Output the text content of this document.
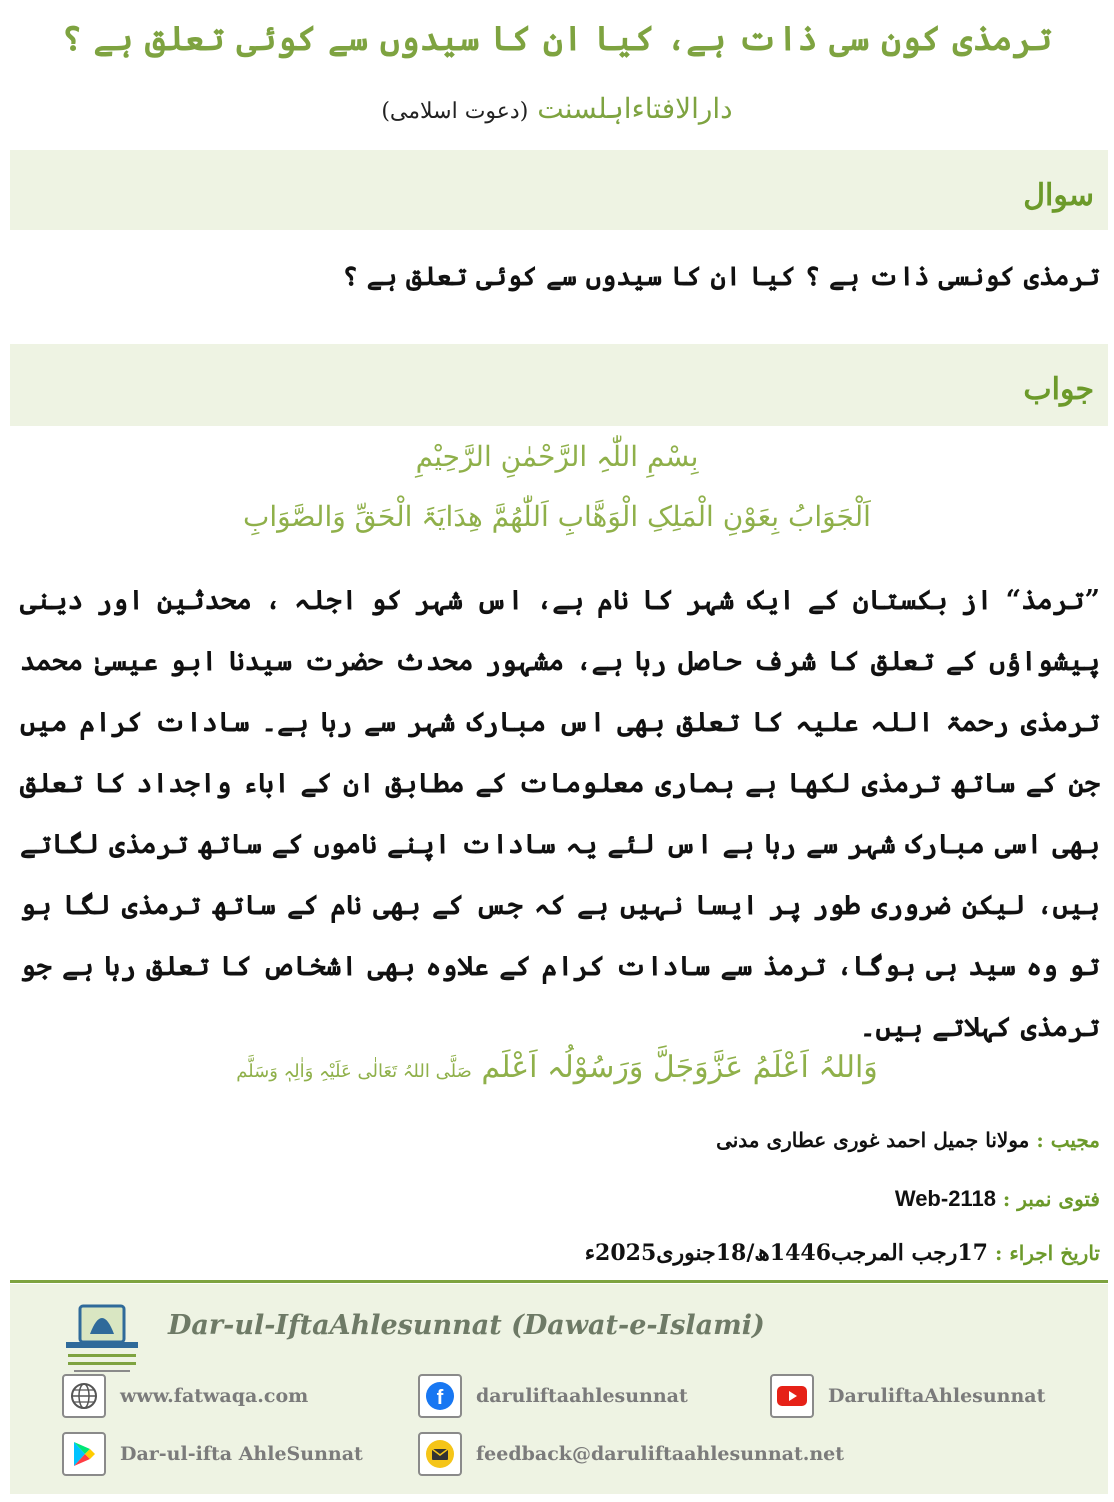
ترمذی کون سی ذات ہے، کیا ان کا سیدوں سے کوئی تعلق ہے ؟
دارالافتاءاہلسنت (دعوت اسلامی)
سوال
ترمذی کونسی ذات ہے ؟ کیا ان کا سیدوں سے کوئی تعلق ہے ؟
جواب
بِسْمِ اللّٰہِ الرَّحْمٰنِ الرَّحِیْمِ
اَلْجَوَابُ بِعَوْنِ الْمَلِکِ الْوَھَّابِ اَللّٰھُمَّ ھِدَایَۃَ الْحَقِّ وَالصَّوَابِ
”ترمذ“ از بکستان کے ایک شہر کا نام ہے، اس شہر کو اجلہ ، محدثین اور دینی پیشواؤں کے تعلق کا شرف حاصل رہا ہے، مشہور محدث حضرت سیدنا ابو عیسیٰ محمد ترمذی رحمۃ اللہ علیہ کا تعلق بھی اس مبارک شہر سے رہا ہے۔ سادات کرام میں جن کے ساتھ ترمذی لکھا ہے ہماری معلومات کے مطابق ان کے اباء واجداد کا تعلق بھی اسی مبارک شہر سے رہا ہے اس لئے یہ سادات اپنے ناموں کے ساتھ ترمذی لگاتے ہیں، لیکن ضروری طور پر ایسا نہیں ہے کہ جس کے بھی نام کے ساتھ ترمذی لگا ہو تو وہ سید ہی ہوگا، ترمذ سے سادات کرام کے علاوہ بھی اشخاص کا تعلق رہا ہے جو ترمذی کہلاتے ہیں۔
وَاللہُ اَعْلَمُ عَزَّوَجَلَّ وَرَسُوْلُہ اَعْلَم صَلَّی اللہُ تَعَالٰی عَلَیْہِ وَاٰلِہٖ وَسَلَّم
مجیب : مولانا جمیل احمد غوری عطاری مدنی
فتوی نمبر : Web-2118
تاریخ اجراء : 17رجب المرجب1446ھ/18جنوری2025ء
Dar-ul-IftaAhlesunnat (Dawat-e-Islami)
www.fatwaqa.com	f daruliftaahlesunnat	DaruliftaAhlesunnat
Dar-ul-ifta AhleSunnat	feedback@daruliftaahlesunnat.net
